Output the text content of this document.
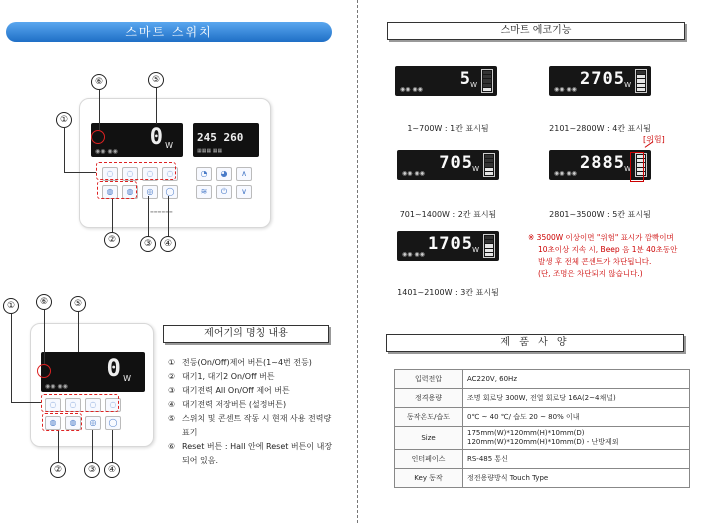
스마트 스위치
0 W
◉◉ ◉◉
245 260
▦▦▦ ▦▦
◌	◌	◌	◌
◍	◍	◎	◯
◔	◕	∧
≋	⏻	∨
▬▬▬▬▬▬
①
②	③	④
⑤
⑥
0 W
◉◉ ◉◉
◌	◌	◌	◌
◍	◍	◎	◯
①
②	③	④
⑤
⑥
제어기의 명칭 내용
① 전등(On/Off)제어 버튼(1~4번 전등)
② 대기1, 대기2 On/Off 버튼
③ 대기전력 All On/Off 제어 버튼
④ 대기전력 저장버튼 (설정버튼)
⑤ 스위치 및 콘센트 작동 시 현재 사용 전력량 표기
⑥ Reset 버튼 : Hall 안에 Reset 버튼이 내장되어 있음.
스마트 에코기능
5 W
◉◉ ◉◉
1~700W : 1칸 표시됨
2705 W
◉◉ ◉◉
2101~2800W : 4칸 표시됨
705 W
◉◉ ◉◉
701~1400W : 2칸 표시됨
2885 W
◉◉ ◉◉
2801~3500W : 5칸 표시됨
1705 W
◉◉ ◉◉
1401~2100W : 3칸 표시됨
[위험]
※ 3500W 이상이면 "위험" 표시가 깜빡이며
10초이상 지속 시, Beep 음 1분 40초동안
발생 후 전체 콘센트가 차단됩니다.
(단, 조명은 차단되지 않습니다.)
제 품 사 양
입력전압	AC220V, 60Hz
정격용량	조명 회로당 300W, 전열 회로당 16A(2~4채널)
동작온도/습도	0℃ ~ 40 ℃/ 습도 20 ~ 80% 이내
Size	175mm(W)*120mm(H)*10mm(D)
120mm(W)*120mm(H)*10mm(D) - 난방제외
인터페이스	RS-485 통신
Key 동작	정전용량방식 Touch Type
